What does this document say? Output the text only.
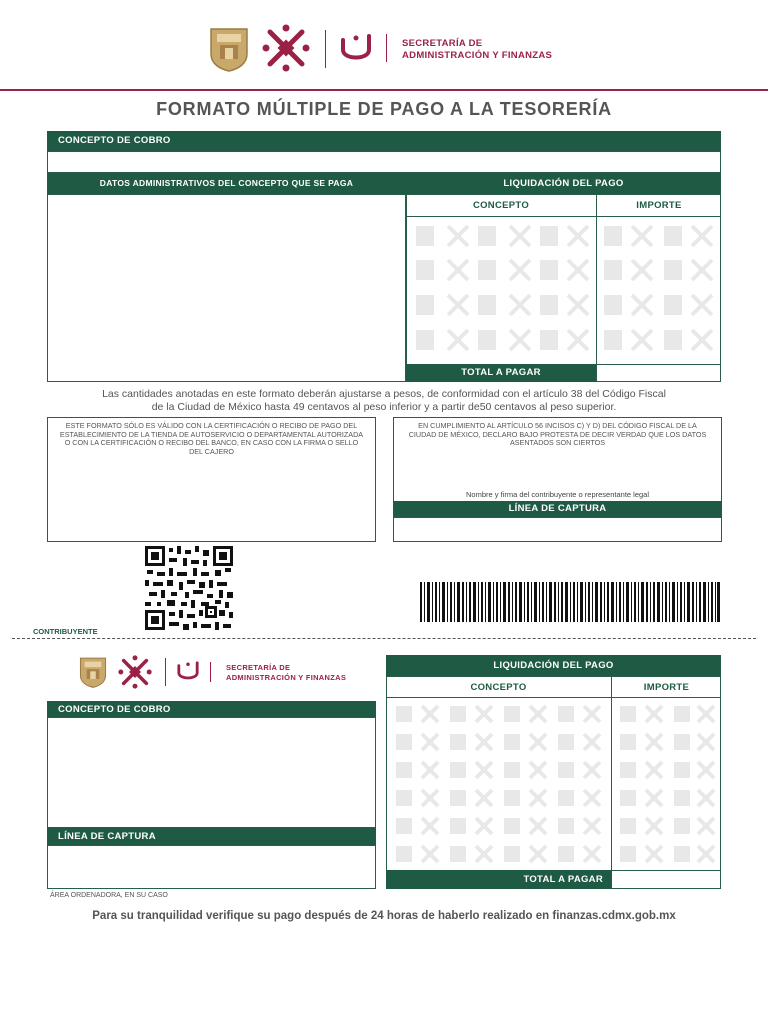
SECRETARÍA DE
ADMINISTRACIÓN Y FINANZAS
FORMATO MÚLTIPLE DE PAGO A LA TESORERÍA
CONCEPTO DE COBRO
DATOS ADMINISTRATIVOS DEL CONCEPTO QUE SE PAGA	LIQUIDACIÓN DEL PAGO
CONCEPTO	IMPORTE
TOTAL A PAGAR
Las cantidades anotadas en este formato deberán ajustarse a pesos, de conformidad con el artículo 38 del Código Fiscal
de la Ciudad de México hasta 49 centavos al peso inferior y a partir de50 centavos al peso superior.
ESTE FORMATO SÓLO ES VÁLIDO CON LA CERTIFICACIÓN O RECIBO DE PAGO DEL ESTABLECIMIENTO DE LA TIENDA DE AUTOSERVICIO O DEPARTAMENTAL AUTORIZADA O CON LA CERTIFICACIÓN O RECIBO DEL BANCO, EN CASO CON LA FIRMA O SELLO DEL CAJERO
EN CUMPLIMIENTO AL ARTÍCULO 56 INCISOS C) Y D) DEL CÓDIGO FISCAL DE LA CIUDAD DE MÉXICO, DECLARO BAJO PROTESTA DE DECIR VERDAD QUE LOS DATOS ASENTADOS SON CIERTOS
Nombre y firma del contribuyente o representante legal
LÍNEA DE CAPTURA
CONTRIBUYENTE
SECRETARÍA DE
ADMINISTRACIÓN Y FINANZAS
LIQUIDACIÓN DEL PAGO
CONCEPTO	IMPORTE
TOTAL A PAGAR
CONCEPTO DE COBRO
LÍNEA DE CAPTURA
ÁREA ORDENADORA, EN SU CASO
Para su tranquilidad verifique su pago después de 24 horas de haberlo realizado en finanzas.cdmx.gob.mx
